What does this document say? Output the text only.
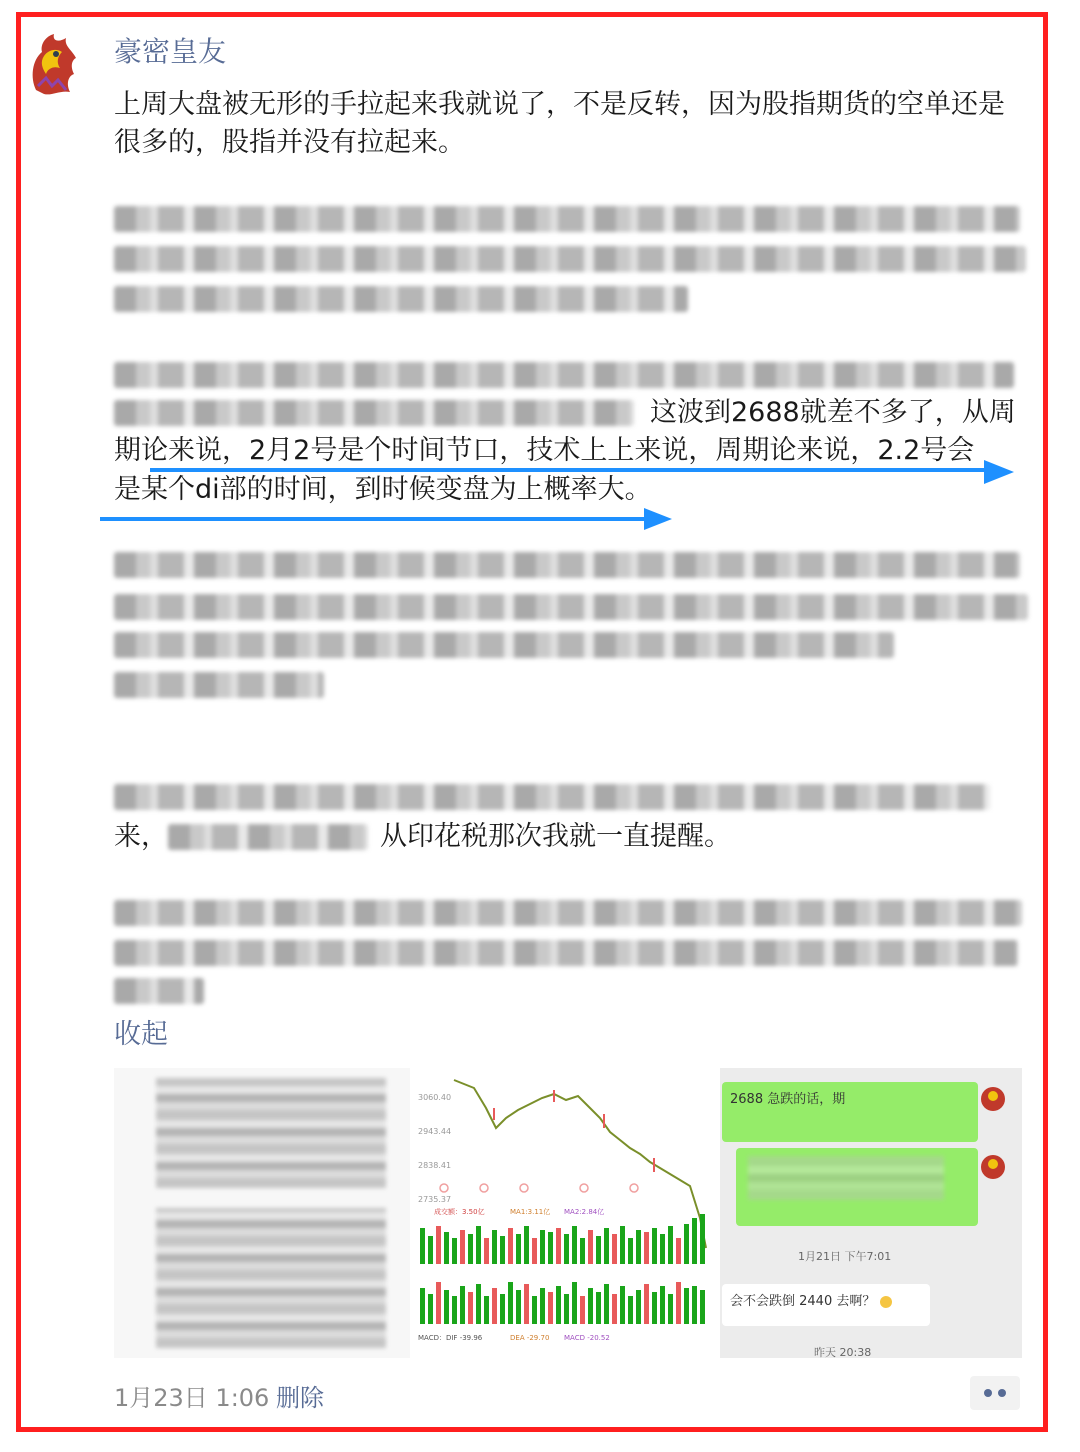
豪密皇友

上周大盘被无形的手拉起来我就说了，不是反转，因为股指期货的空单还是很多的，股指并没有拉起来。

这波到2688就差不多了，从周
期论来说，2月2号是个时间节口，技术上上来说，周期论来说，2.2号会
是某个di部的时间，到时候变盘为上概率大。
来，	从印花税那次我就一直提醒。
收起
3060.40
2943.44
2838.41
2735.37
成交额：3.50亿	MA1:3.11亿 MA2:2.84亿
MACD：DIF -39.96	DEA -29.70 MACD -20.52
2688 急跌的话，期
1月21日 下午7:01
会不会跌倒 2440 去啊？
昨天 20:38
1月23日 1:06 删除
